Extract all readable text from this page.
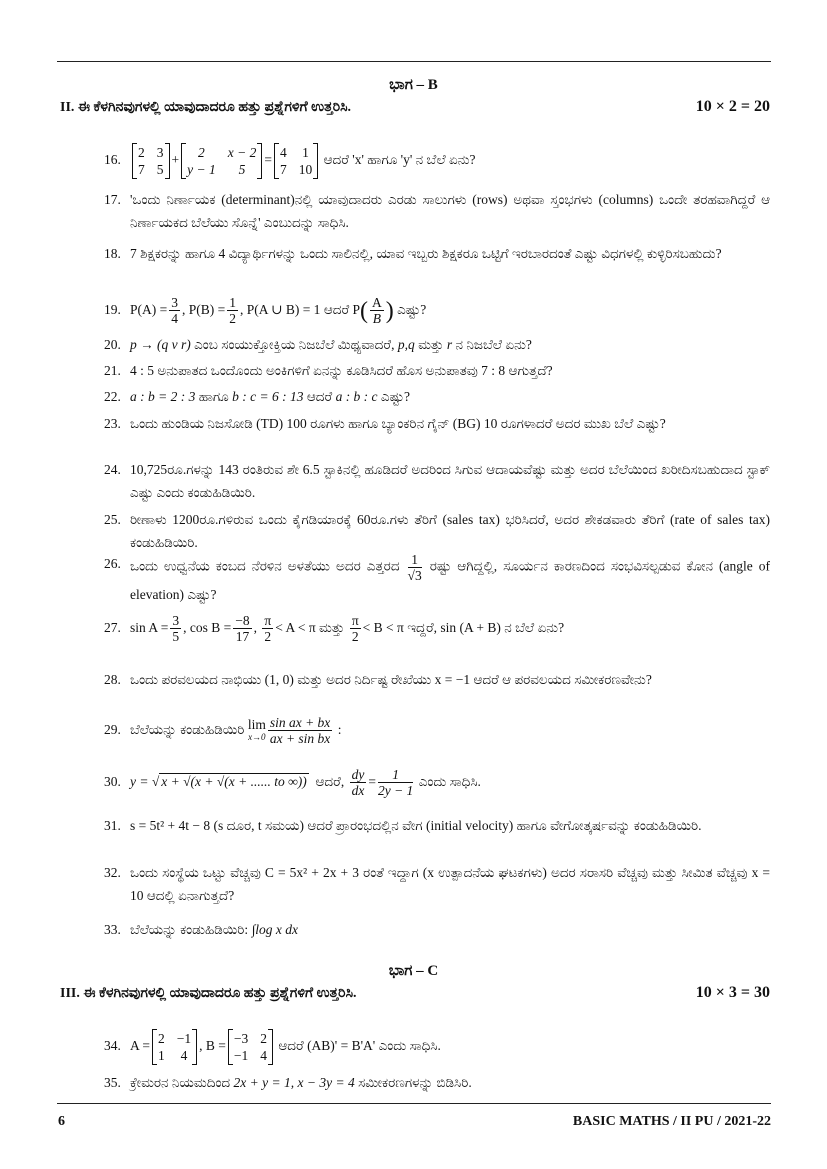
ಭಾಗ – B
II. ಈ ಕೆಳಗಿನವುಗಳಲ್ಲಿ ಯಾವುದಾದರೂ ಹತ್ತು ಪ್ರಶ್ನೆಗಳಿಗೆ ಉತ್ತರಿಸಿ.	10 × 2 = 20
16. 2 3
7 5
+	2	x − 2
y − 1	5
= 4 1
7 10
ಆದರೆ 'x' ಹಾಗೂ 'y' ನ ಬೆಲೆ ಏನು?
17. 'ಒಂದು ನಿರ್ಣಾಯಕ (determinant)ನಲ್ಲಿ ಯಾವುದಾದರು ಎರಡು ಸಾಲುಗಳು (rows) ಅಥವಾ ಸ್ತಂಭಗಳು (columns) ಒಂದೇ ತರಹವಾಗಿದ್ದರೆ ಆ ನಿರ್ಣಾಯಕದ ಬೆಲೆಯು ಸೊನ್ನೆ' ಎಂಬುದನ್ನು ಸಾಧಿಸಿ.
18. 7 ಶಿಕ್ಷಕರನ್ನು ಹಾಗೂ 4 ವಿದ್ಯಾರ್ಥಿಗಳನ್ನು ಒಂದು ಸಾಲಿನಲ್ಲಿ, ಯಾವ ಇಬ್ಬರು ಶಿಕ್ಷಕರೂ ಒಟ್ಟಿಗೆ ಇರಬಾರದಂತೆ ಎಷ್ಟು ವಿಧಗಳಲ್ಲಿ ಕುಳ್ಳಿರಿಸಬಹುದು?
19. $P(A) = \frac{3}{4}$ , $P(B) = \frac{1}{2}$ , P(A ∪ B) = 1 ಆದರೆ $P( \frac{A}{B}$ ) ಎಷ್ಟು?
20. p → (q v r) ಎಂಬ ಸಂಯುಕ್ತೋಕ್ತಿಯ ನಿಜಬೆಲೆ ಮಿಥ್ಯವಾದರೆ, p,q ಮತ್ತು r ನ ನಿಜಬೆಲೆ ಏನು?
21. 4 : 5 ಅನುಪಾತದ ಒಂದೊಂದು ಅಂಕಿಗಳಿಗೆ ಏನನ್ನು ಕೂಡಿಸಿದರೆ ಹೊಸ ಅನುಪಾತವು 7 : 8 ಆಗುತ್ತದೆ?
22. a : b = 2 : 3 ಹಾಗೂ b : c = 6 : 13 ಆದರೆ a : b : c ಎಷ್ಟು?
23. ಒಂದು ಹುಂಡಿಯ ನಿಜಸೋಡಿ (TD) 100 ರೂಗಳು ಹಾಗೂ ಬ್ಯಾಂಕರಿನ ಗೈನ್ (BG) 10 ರೂಗಳಾದರೆ ಅದರ ಮುಖ ಬೆಲೆ ಎಷ್ಟು?
24. 10,725ರೂ.ಗಳನ್ನು 143 ರಂತಿರುವ ಶೇ 6.5 ಸ್ಟಾಕಿನಲ್ಲಿ ಹೂಡಿದರೆ ಅದರಿಂದ ಸಿಗುವ ಆದಾಯವೆಷ್ಟು ಮತ್ತು ಅದರ ಬೆಲೆಯಿಂದ ಖರೀದಿಸಬಹುದಾದ ಸ್ಟಾಕ್ ಎಷ್ಟು ಎಂದು ಕಂಡುಹಿಡಿಯಿರಿ.
25. ರೀಣಾಳು 1200ರೂ.ಗಳಿರುವ ಒಂದು ಕೈಗಡಿಯಾರಕ್ಕೆ 60ರೂ.ಗಳು ತೆರಿಗೆ (sales tax) ಭರಿಸಿದರೆ, ಅದರ ಶೇಕಡವಾರು ತೆರಿಗೆ (rate of sales tax) ಕಂಡುಹಿಡಿಯಿರಿ.
26. ಒಂದು ಉಧ್ವನೆಯ ಕಂಬದ ನೆರಳಿನ ಅಳತೆಯು ಅದರ ಎತ್ತರದ $\frac{1}{√3}$ ರಷ್ಟು ಆಗಿದ್ದಲ್ಲಿ, ಸೂರ್ಯನ ಕಾರಣದಿಂದ ಸಂಭವಿಸಲ್ಪಡುವ ಕೋನ (angle of elevation) ಎಷ್ಟು?
27. $\sin A = \frac{3}{5}$ , $\cos B = \frac{-8}{17}$ , $\frac{\pi}{2} < A < \pi$ ಮತ್ತು $\frac{\pi}{2} < B < \pi$ ಇದ್ದರೆ, sin (A + B) ನ ಬೆಲೆ ಏನು?
28. ಒಂದು ಪರವಲಯದ ನಾಭಿಯು (1, 0) ಮತ್ತು ಅದರ ನಿರ್ದಿಷ್ಟ ರೇಖೆಯು x = −1 ಆದರೆ ಆ ಪರವಲಯದ ಸಮೀಕರಣವೇನು?
29. ಬೆಲೆಯನ್ನು ಕಂಡುಹಿಡಿಯಿರಿ lim
$x\to 0 \frac{\text{sin ax + bx}}{\text{ax + sin bx}}$ :
30. y = √ x + √(x + √(x + ...... to ∞)) ಆದರೆ, $\frac{dy}{dx} = \frac{1}{2y - 1}$ ಎಂದು ಸಾಧಿಸಿ.
31. s = 5t² + 4t − 8 (s ದೂರ, t ಸಮಯ) ಆದರೆ ಪ್ರಾರಂಭದಲ್ಲಿನ ವೇಗ (initial velocity) ಹಾಗೂ ವೇಗೋತ್ಕರ್ಷವನ್ನು ಕಂಡುಹಿಡಿಯಿರಿ.
32. ಒಂದು ಸಂಸ್ಥೆಯ ಒಟ್ಟು ವೆಚ್ಚವು C = 5x² + 2x + 3 ರಂತೆ ಇದ್ದಾಗ (x ಉತ್ಪಾದನೆಯ ಘಟಕಗಳು) ಅದರ ಸರಾಸರಿ ವೆಚ್ಚವು ಮತ್ತು ಸೀಮಿತ ವೆಚ್ಚವು x = 10 ಆದಲ್ಲಿ ಏನಾಗುತ್ತದೆ?
33. ಬೆಲೆಯನ್ನು ಕಂಡುಹಿಡಿಯಿರಿ: ∫log x dx
ಭಾಗ – C
III. ಈ ಕೆಳಗಿನವುಗಳಲ್ಲಿ ಯಾವುದಾದರೂ ಹತ್ತು ಪ್ರಶ್ನೆಗಳಿಗೆ ಉತ್ತರಿಸಿ.	10 × 3 = 30
34. A = 2 −1
1 4
, B = −3 2
−1 4
ಆದರೆ (AB)' = B'A' ಎಂದು ಸಾಧಿಸಿ.
35. ಕ್ರೇಮರನ ನಿಯಮದಿಂದ 2x + y = 1, x − 3y = 4 ಸಮೀಕರಣಗಳನ್ನು ಬಿಡಿಸಿರಿ.
6	BASIC MATHS / II PU / 2021-22
